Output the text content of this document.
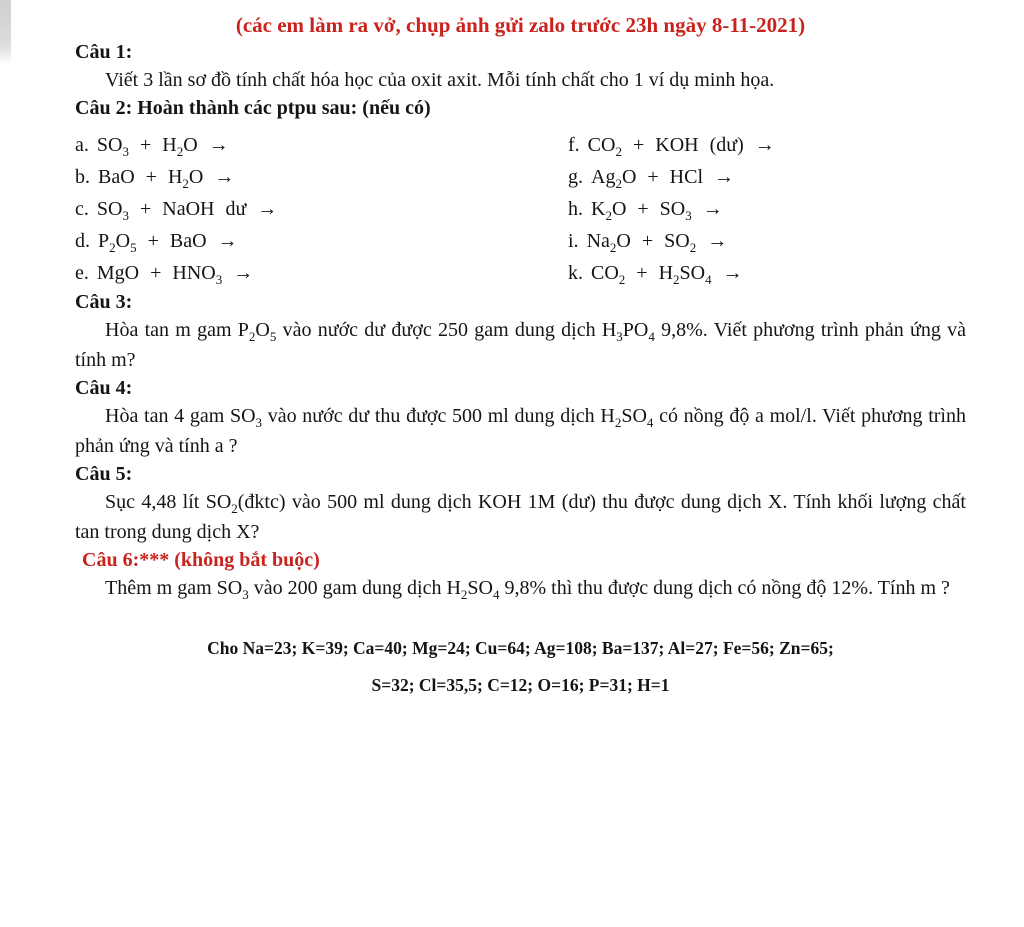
(các em làm ra vở, chụp ảnh gửi zalo trước 23h ngày 8-11-2021)
Câu 1:

Viết 3 lần sơ đồ tính chất hóa học của oxit axit. Mỗi tính chất cho 1 ví dụ minh họa.

Câu 2: Hoàn thành các ptpu sau: (nếu có)
a. $SO_3 + H_2O$ →
b. BaO + $H_2O$ →
c. $SO_3$ + NaOH dư →
d. $P_2O_5$ + BaO →
e. MgO + $HNO_3$ →
f. $CO_2$ + KOH (dư) →
g. $Ag_2O$ + HCl →
h. $K_2O + SO_3$ →
i. $Na_2O + SO_2$ →
k. $CO_2 + H_2SO_4$ →
Câu 3:

Hòa tan m gam $P_2O_5$ vào nước dư được 250 gam dung dịch $H_3PO_4$ 9,8%. Viết phương trình phản ứng và tính m?

Câu 4:

Hòa tan 4 gam $SO_3$ vào nước dư thu được 500 ml dung dịch $H_2SO_4$ có nồng độ a mol/l. Viết phương trình phản ứng và tính a ?

Câu 5:

Sục 4,48 lít $SO_2(đktc)$ vào 500 ml dung dịch KOH 1M (dư) thu được dung dịch X. Tính khối lượng chất tan trong dung dịch X?

Câu 6:*** (không bắt buộc)

Thêm m gam $SO_3$ vào 200 gam dung dịch $H_2SO_4$ 9,8% thì thu được dung dịch có nồng độ 12%. Tính m ?

Cho Na=23; K=39; Ca=40; Mg=24; Cu=64; Ag=108; Ba=137; Al=27; Fe=56; Zn=65;

S=32; Cl=35,5; C=12; O=16; P=31; H=1
